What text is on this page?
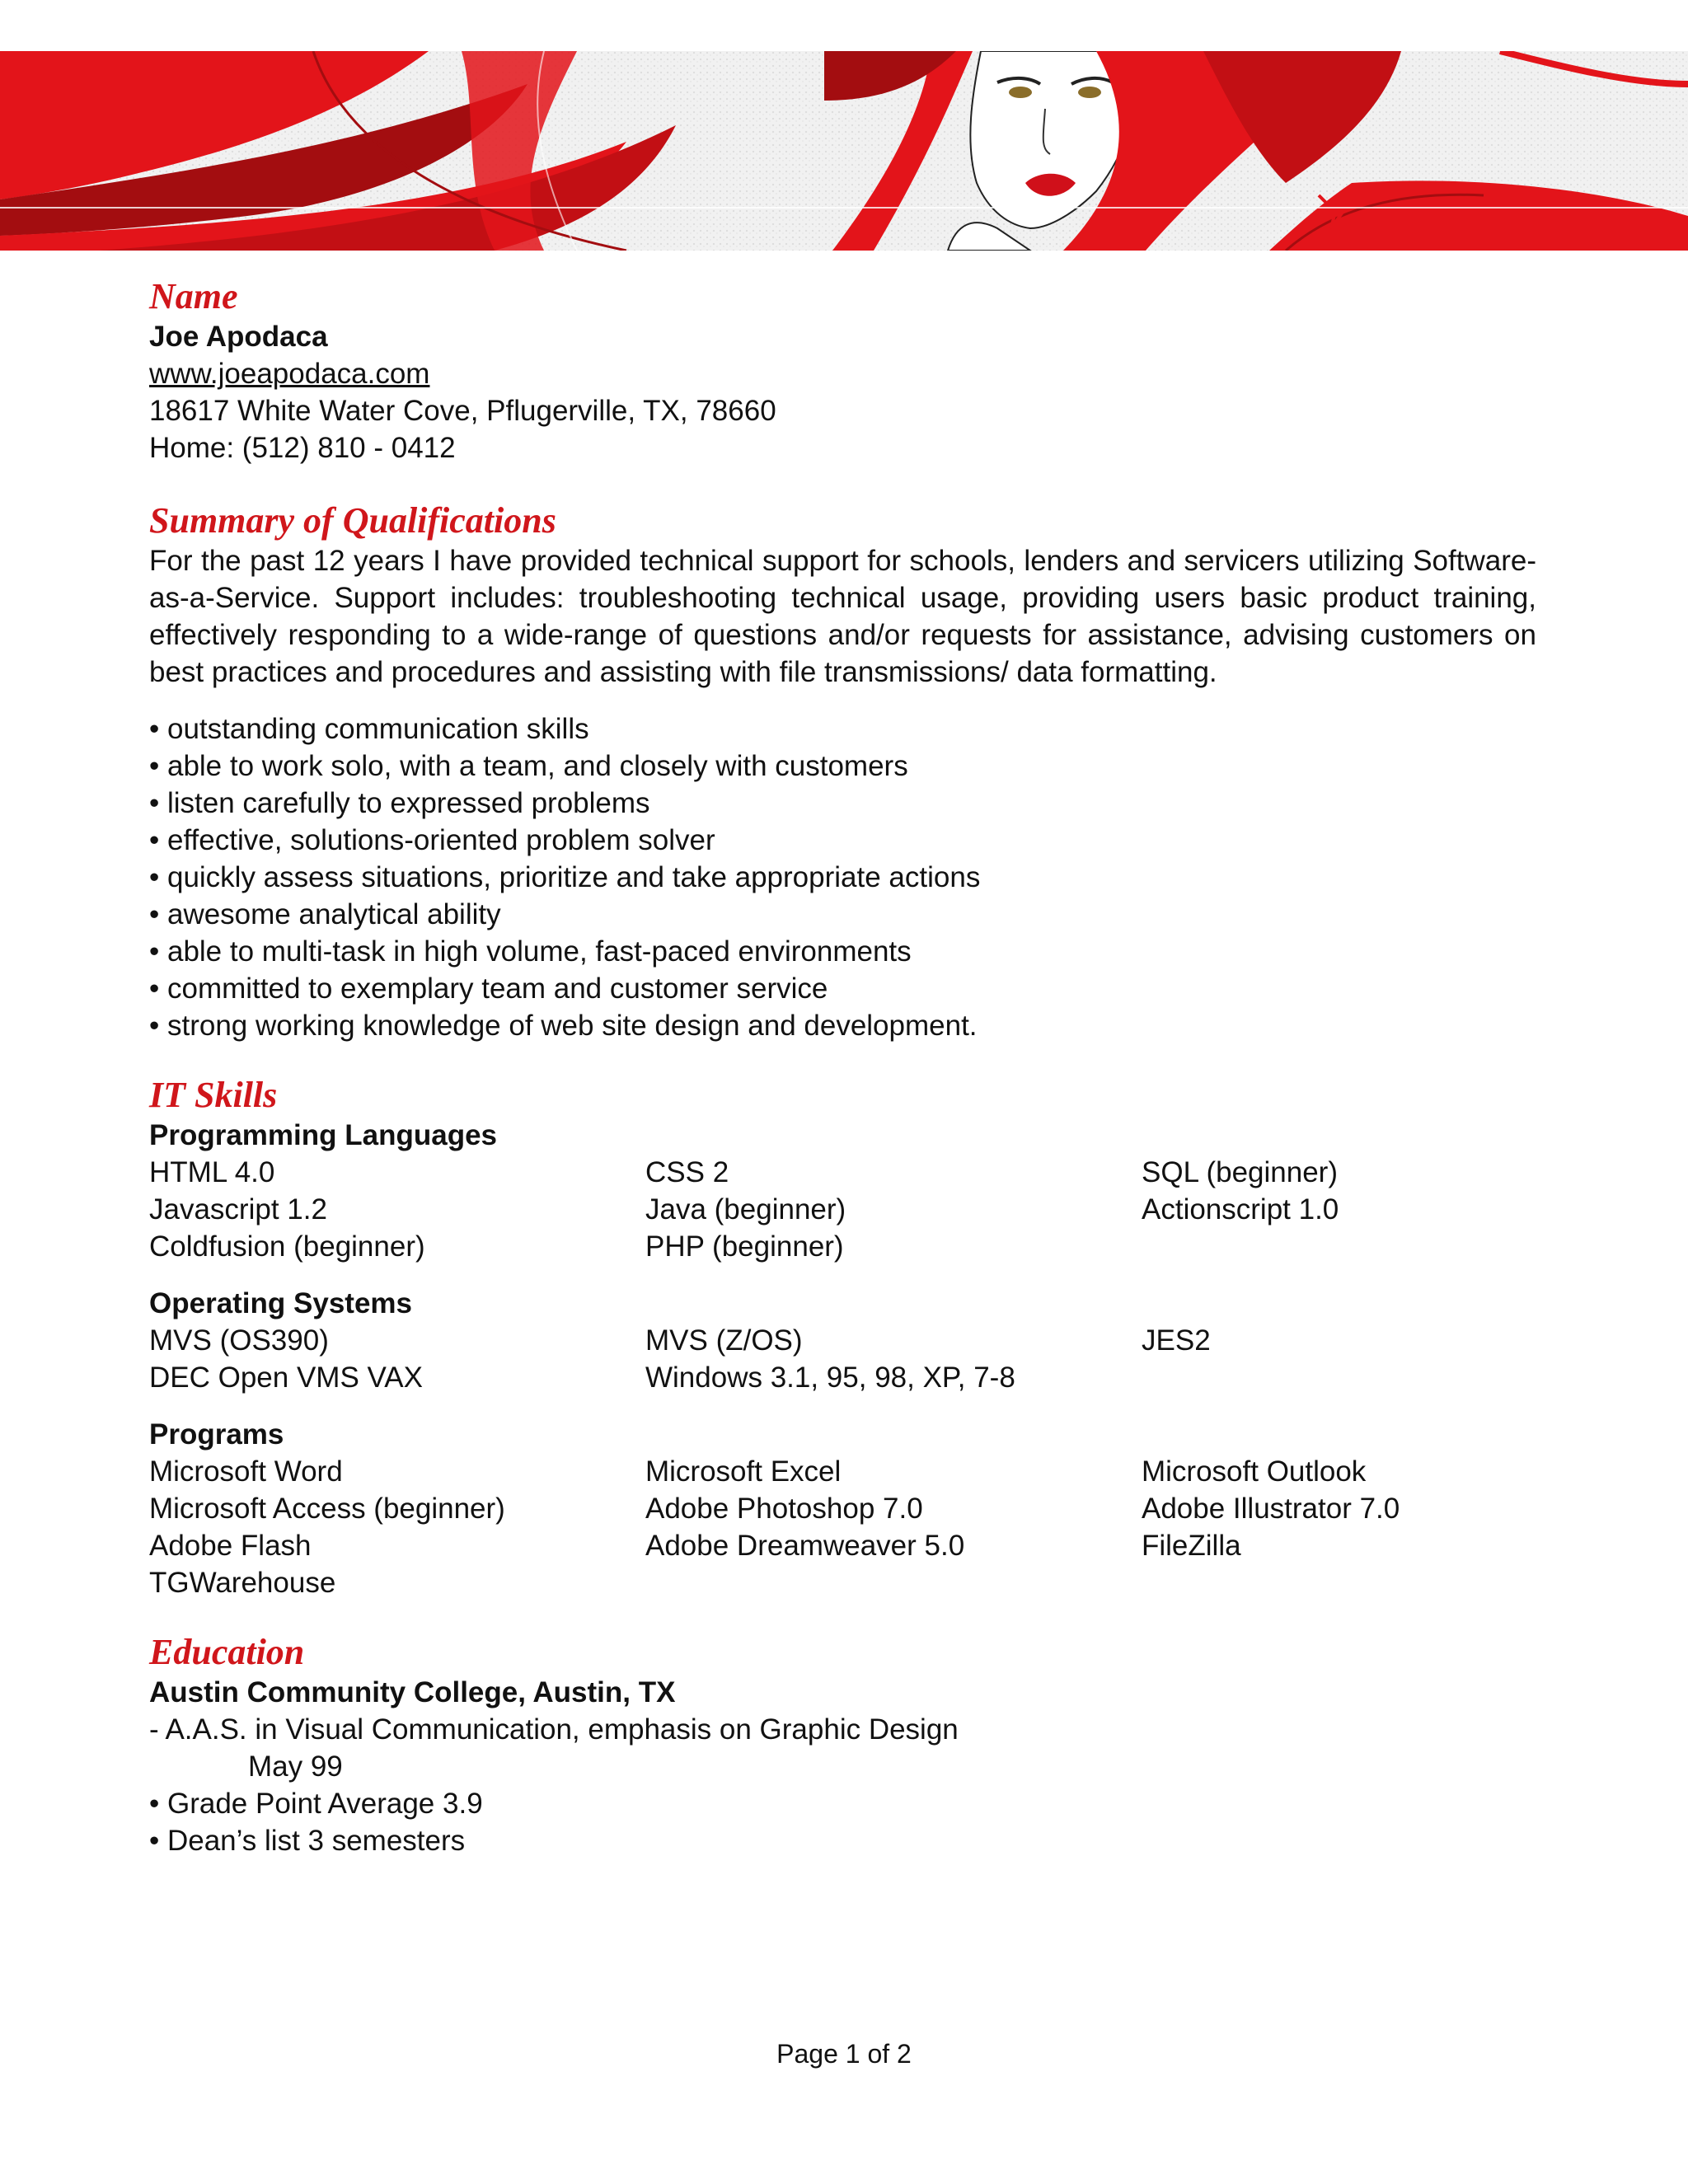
Name

Joe Apodaca

www.joeapodaca.com

18617 White Water Cove, Pflugerville, TX, 78660

Home: (512) 810 - 0412

Summary of Qualifications

For the past 12 years I have provided technical support for schools, lenders and servicers utilizing Software-as-a-Service. Support includes: troubleshooting technical usage, providing users basic product training, effectively responding to a wide-range of questions and/or requests for assistance, advising customers on best practices and procedures and assisting with file transmissions/ data formatting.

• outstanding communication skills

• able to work solo, with a team, and closely with customers

• listen carefully to expressed problems

• effective, solutions-oriented problem solver

• quickly assess situations, prioritize and take appropriate actions

• awesome analytical ability

• able to multi-task in high volume, fast-paced environments

• committed to exemplary team and customer service

• strong working knowledge of web site design and development.

IT Skills

Programming Languages

HTML 4.0	CSS 2	SQL (beginner)

Javascript 1.2	Java (beginner)	Actionscript 1.0

Coldfusion (beginner)	PHP (beginner)

Operating Systems

MVS (OS390)	MVS (Z/OS)	JES2

DEC Open VMS VAX	Windows 3.1, 95, 98, XP, 7-8

Programs

Microsoft Word	Microsoft Excel	Microsoft Outlook

Microsoft Access (beginner)	Adobe Photoshop 7.0	Adobe Illustrator 7.0

Adobe Flash	Adobe Dreamweaver 5.0	FileZilla

TGWarehouse

Education

Austin Community College, Austin, TX

- A.A.S. in Visual Communication, emphasis on Graphic Design

May 99

• Grade Point Average 3.9

• Dean’s list 3 semesters

Page 1 of 2
